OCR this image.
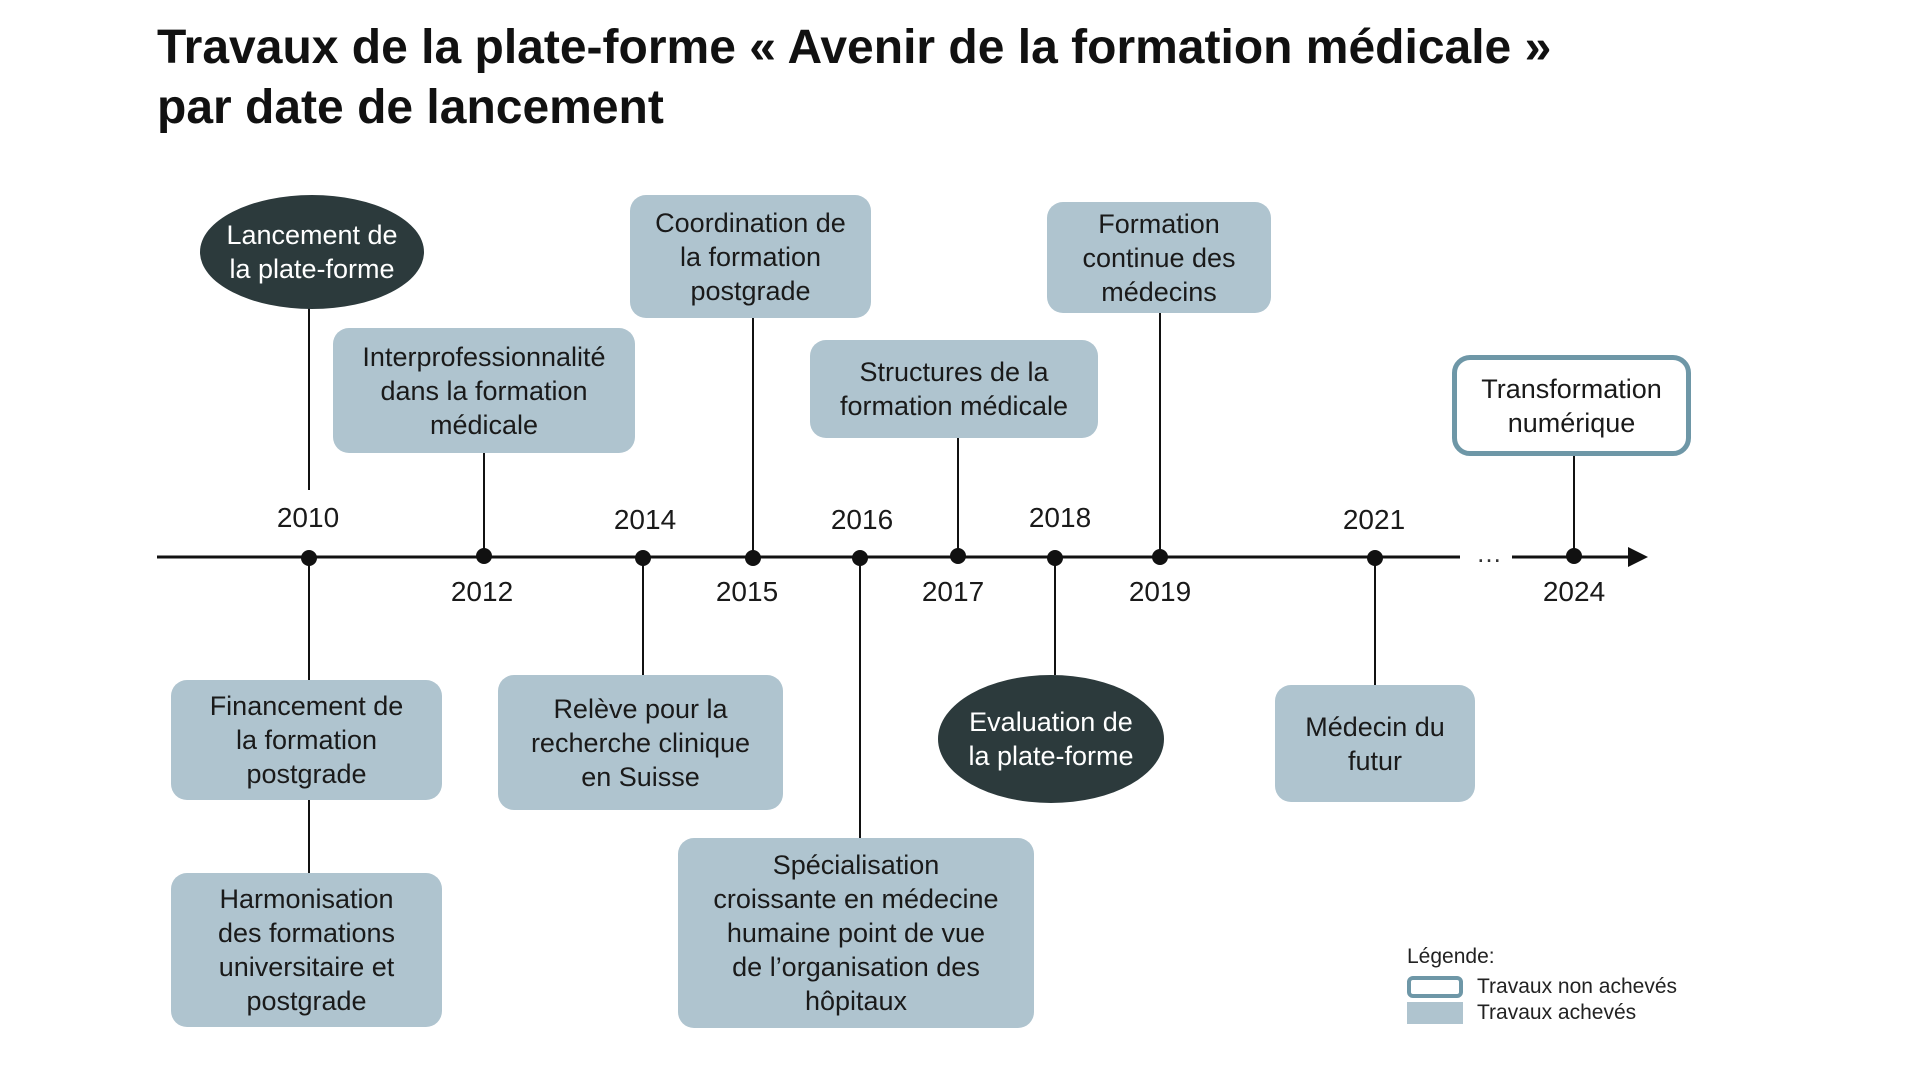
Travaux de la plate-forme « Avenir de la formation médicale »
par date de lancement
2010
2012
2014
2015
2016
2017
2018
2019
2021
2024
…
Lancement de
la plate-forme
Interprofessionnalité
dans la formation
médicale
Coordination de
la formation
postgrade
Structures de la
formation médicale
Formation
continue des
médecins
Transformation
numérique
Financement de
la formation
postgrade
Harmonisation
des formations
universitaire et
postgrade
Relève pour la
recherche clinique
en Suisse
Spécialisation
croissante en médecine
humaine point de vue
de l’organisation des
hôpitaux
Evaluation de
la plate-forme
Médecin du
futur
Légende:
Travaux non achevés
Travaux achevés
